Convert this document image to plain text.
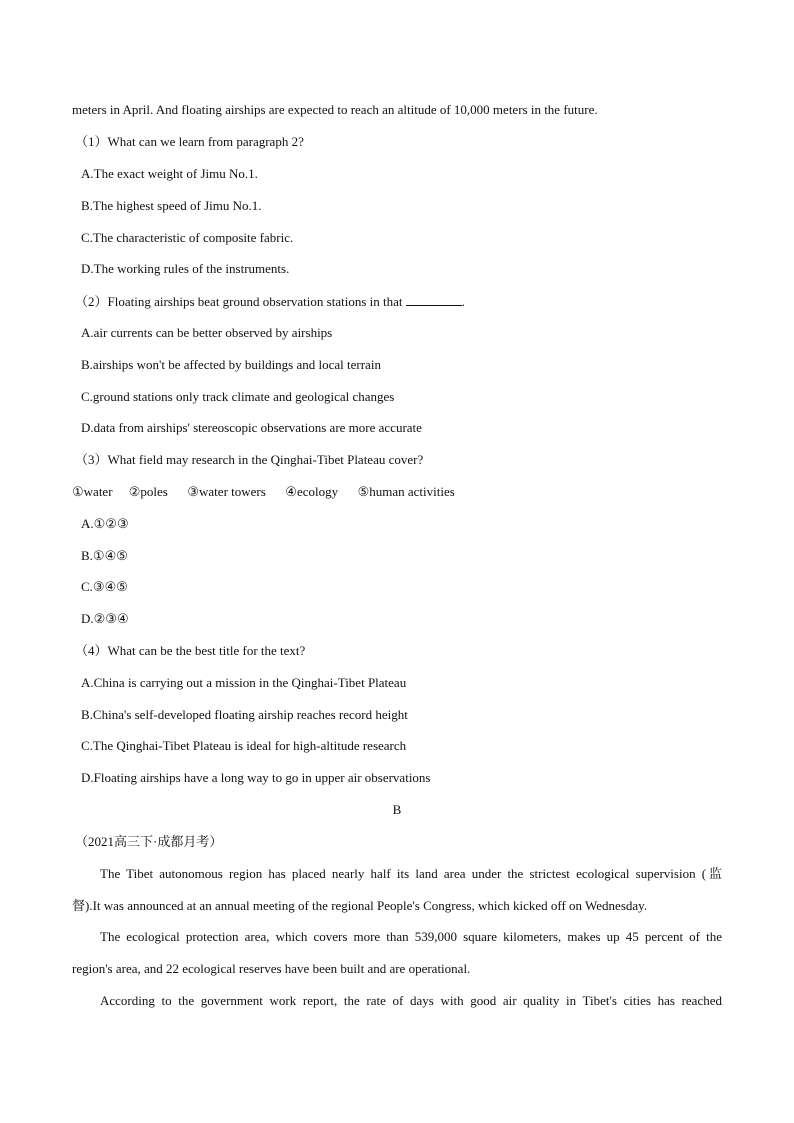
meters in April. And floating airships are expected to reach an altitude of 10,000 meters in the future.
（1）What can we learn from paragraph 2?
A.The exact weight of Jimu No.1.
B.The highest speed of Jimu No.1.
C.The characteristic of composite fabric.
D.The working rules of the instruments.
（2）Floating airships beat ground observation stations in that	.
A.air currents can be better observed by airships
B.airships won't be affected by buildings and local terrain
C.ground stations only track climate and geological changes
D.data from airships' stereoscopic observations are more accurate
（3）What field may research in the Qinghai-Tibet Plateau cover?
①water     ②poles      ③water towers      ④ecology      ⑤human activities
A.①②③
B.①④⑤
C.③④⑤
D.②③④
（4）What can be the best title for the text?
A.China is carrying out a mission in the Qinghai-Tibet Plateau
B.China's self-developed floating airship reaches record height
C.The Qinghai-Tibet Plateau is ideal for high-altitude research
D.Floating airships have a long way to go in upper air observations
B
（2021高三下·成都月考）
The Tibet autonomous region has placed nearly half its land area under the strictest ecological supervision (监
督).It was announced at an annual meeting of the regional People's Congress, which kicked off on Wednesday.
The ecological protection area, which covers more than 539,000 square kilometers, makes up 45 percent of the
region's area, and 22 ecological reserves have been built and are operational.
According to the government work report, the rate of days with good air quality in Tibet's cities has reached
